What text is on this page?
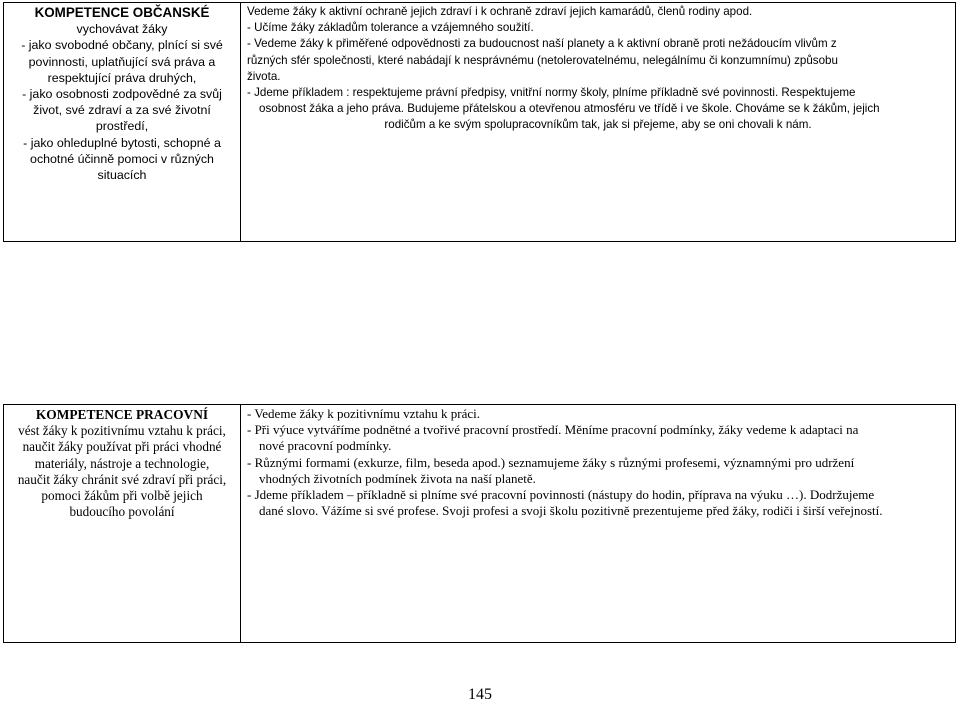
KOMPETENCE OBČANSKÉ
vychovávat žáky
- jako svobodné občany, plnící si své
povinnosti, uplatňující svá práva a
respektující práva druhých,
- jako osobnosti zodpovědné za svůj
život, své zdraví a za své životní
prostředí,
- jako ohleduplné bytosti, schopné a
ochotné účinně pomoci v různých
situacích

Vedeme žáky k aktivní ochraně jejich zdraví i k ochraně zdraví jejich kamarádů, členů rodiny apod.
- Učíme žáky základům tolerance a vzájemného soužití.
- Vedeme žáky k přiměřené odpovědnosti za budoucnost naší planety a k aktivní obraně proti nežádoucím vlivům z
různých sfér společnosti, které nabádají k nesprávnému (netolerovatelnému, nelegálnímu či konzumnímu) způsobu
života.
- Jdeme příkladem : respektujeme právní předpisy, vnitřní normy školy, plníme příkladně své povinnosti. Respektujeme
osobnost žáka a jeho práva. Budujeme přátelskou a otevřenou atmosféru ve třídě i ve škole. Chováme se k žákům, jejich
rodičům a ke svým spolupracovníkům tak, jak si přejeme, aby se oni chovali k nám.
KOMPETENCE PRACOVNÍ
vést žáky k pozitivnímu vztahu k práci,
naučit žáky používat při práci vhodné
materiály, nástroje a technologie,
naučit žáky chránit své zdraví při práci,
pomoci žákům při volbě jejich
budoucího povolání

- Vedeme žáky k pozitivnímu vztahu k práci.
- Při výuce vytváříme podnětné a tvořivé pracovní prostředí. Měníme pracovní podmínky, žáky vedeme k adaptaci na
nové pracovní podmínky.
- Různými formami (exkurze, film, beseda apod.) seznamujeme žáky s různými profesemi, významnými pro udržení
vhodných životních podmínek života na naší planetě.
- Jdeme příkladem – příkladně si plníme své pracovní povinnosti (nástupy do hodin, příprava na výuku …). Dodržujeme
dané slovo. Vážíme si své profese. Svoji profesi a svoji školu pozitivně prezentujeme před žáky, rodiči i širší veřejností.
145
